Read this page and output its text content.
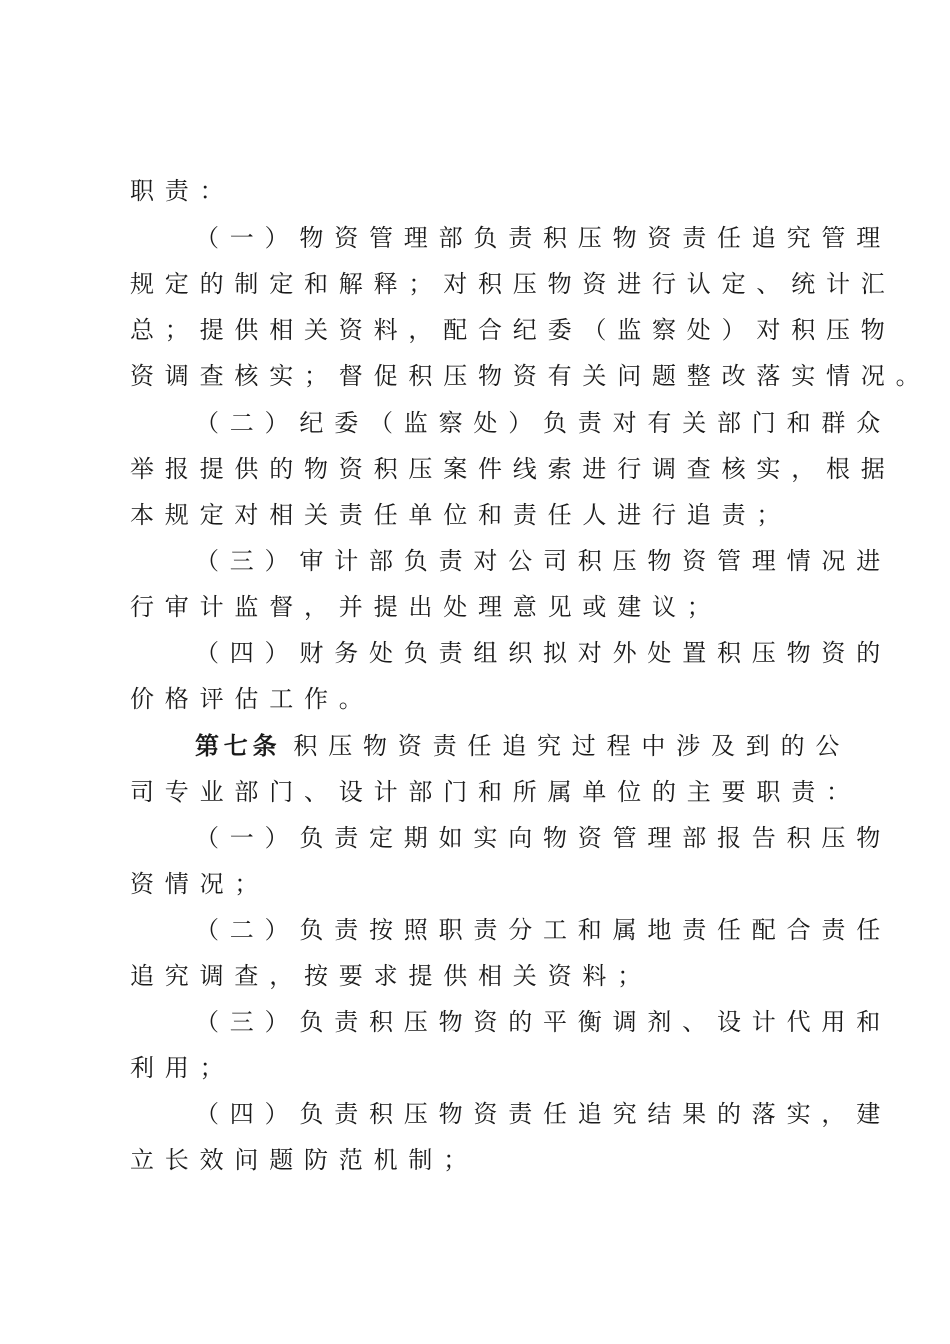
职责：
（一）物资管理部负责积压物资责任追究管理
规定的制定和解释；对积压物资进行认定、统计汇
总；提供相关资料，配合纪委（监察处）对积压物
资调查核实；督促积压物资有关问题整改落实情况。
（二）纪委（监察处）负责对有关部门和群众
举报提供的物资积压案件线索进行调查核实，根据
本规定对相关责任单位和责任人进行追责；
（三）审计部负责对公司积压物资管理情况进
行审计监督，并提出处理意见或建议；
（四）财务处负责组织拟对外处置积压物资的
价格评估工作。
第七条 积压物资责任追究过程中涉及到的公
司专业部门、设计部门和所属单位的主要职责：
（一）负责定期如实向物资管理部报告积压物
资情况；
（二）负责按照职责分工和属地责任配合责任
追究调查，按要求提供相关资料；
（三）负责积压物资的平衡调剂、设计代用和
利用；
（四）负责积压物资责任追究结果的落实，建
立长效问题防范机制；
